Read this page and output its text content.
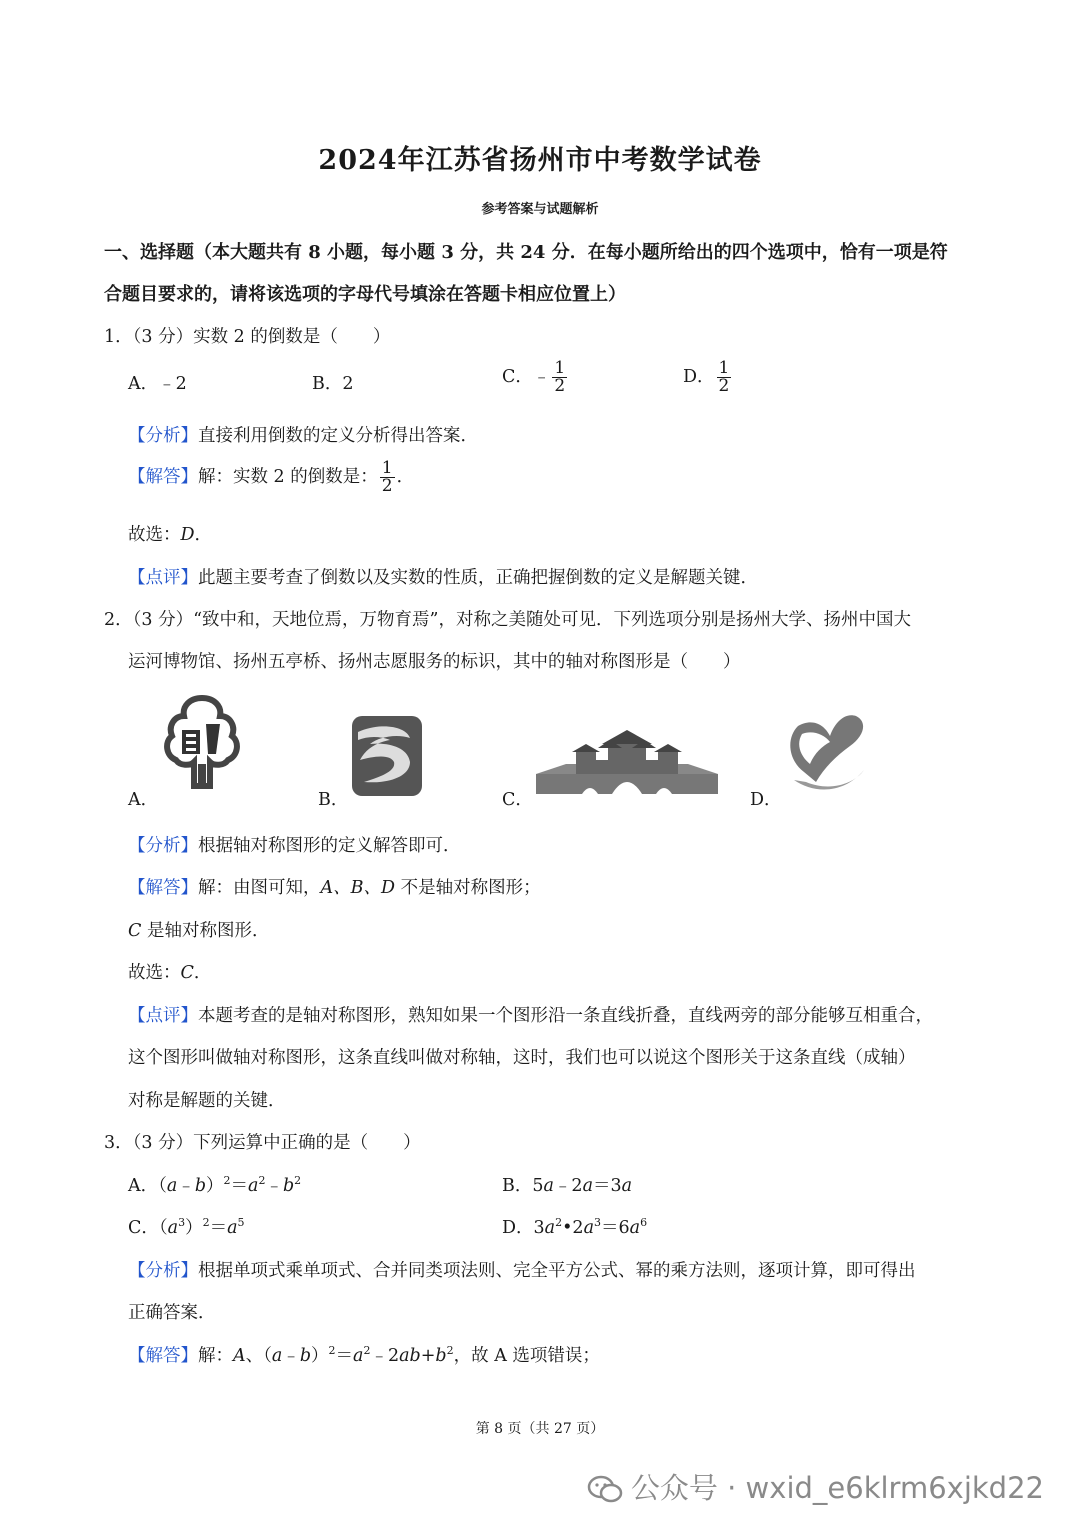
2024年江苏省扬州市中考数学试卷
参考答案与试题解析
一、选择题（本大题共有 8 小题，每小题 3 分，共 24 分．在每小题所给出的四个选项中，恰有一项是符
合题目要求的，请将该选项的字母代号填涂在答题卡相应位置上）
1．（3 分）实数 2 的倒数是（　　）
A．﹣2	B．2	C．﹣ $\frac{1}{2}$	D． $\frac{1}{2}$
【分析】直接利用倒数的定义分析得出答案．
【解答】解：实数 2 的倒数是： $\frac{1}{2}$ ．
故选：D．
【点评】此题主要考查了倒数以及实数的性质，正确把握倒数的定义是解题关键．
2．（3 分）“致中和，天地位焉，万物育焉”，对称之美随处可见．下列选项分别是扬州大学、扬州中国大
运河博物馆、扬州五亭桥、扬州志愿服务的标识，其中的轴对称图形是（　　）
A．	B．	C．	D．
【分析】根据轴对称图形的定义解答即可．
【解答】解：由图可知，A、B、D 不是轴对称图形；
C 是轴对称图形．
故选：C．
【点评】本题考查的是轴对称图形，熟知如果一个图形沿一条直线折叠，直线两旁的部分能够互相重合，
这个图形叫做轴对称图形，这条直线叫做对称轴，这时，我们也可以说这个图形关于这条直线（成轴）
对称是解题的关键．
3．（3 分）下列运算中正确的是（　　）
A．$(a﹣b)^2=a^2﹣b^2$	B．5a﹣2a＝3a
C．$(a^3)^2=a^5$	D．$3a^2•2a^3=6a^6$
【分析】根据单项式乘单项式、合并同类项法则、完全平方公式、幂的乘方法则，逐项计算，即可得出
正确答案．
【解答】解：A、$(a﹣b)^2=a^2﹣2ab+b^2$，故 A 选项错误；
第 8 页（共 27 页）
公众号 · wxid_e6klrm6xjkd22
